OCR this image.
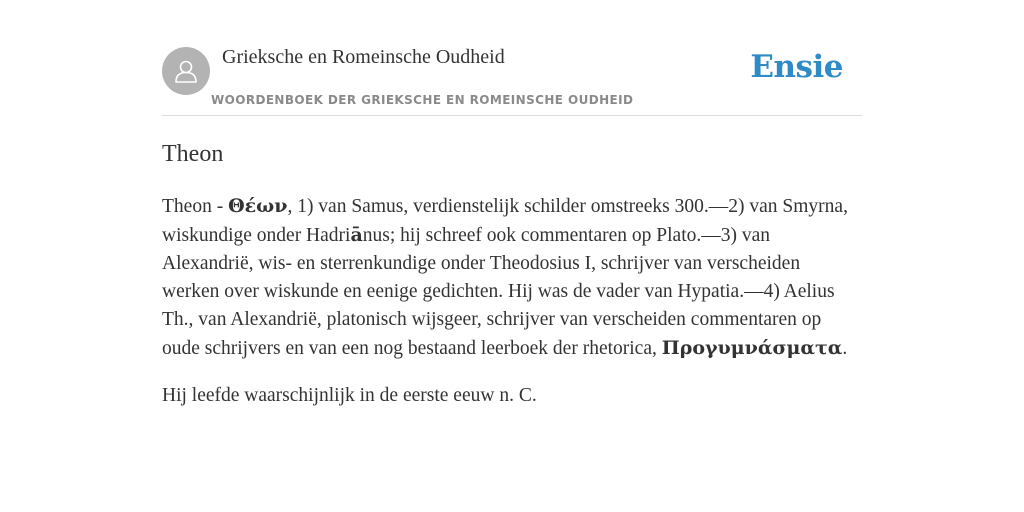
Grieksche en Romeinsche Oudheid
WOORDENBOEK DER GRIEKSCHE EN ROMEINSCHE OUDHEID
Ensie
Theon

Theon - Θέων, 1) van Samus, verdienstelijk schilder omstreeks 300.—2) van Smyrna, wiskundige onder Hadriānus; hij schreef ook commentaren op Plato.—3) van Alexandrië, wis- en sterrenkundige onder Theodosius I, schrijver van verscheiden werken over wiskunde en eenige gedichten. Hij was de vader van Hypatia.—4) Aelius Th., van Alexandrië, platonisch wijsgeer, schrijver van verscheiden commentaren op oude schrijvers en van een nog bestaand leerboek der rhetorica, Προγυμνάσματα.

Hij leefde waarschijnlijk in de eerste eeuw n. C.
